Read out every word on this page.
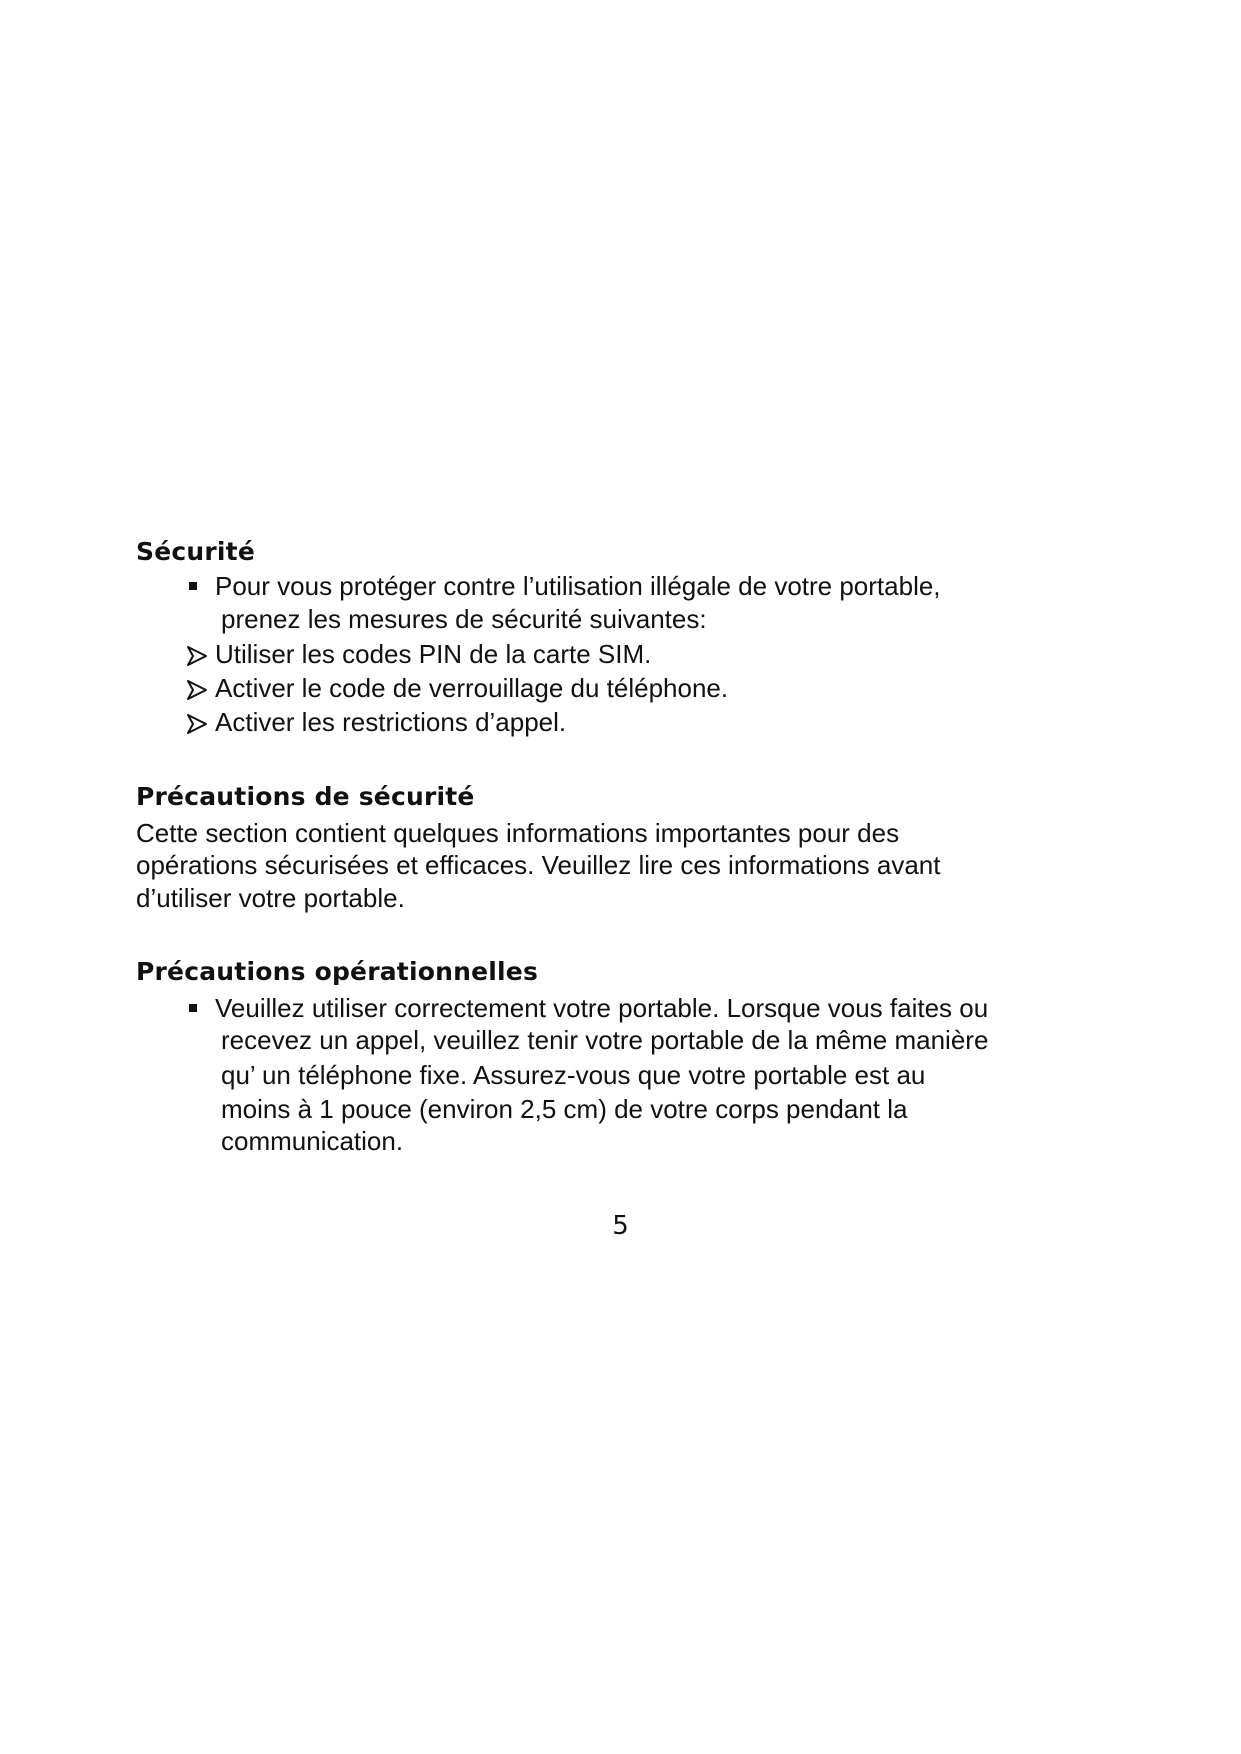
Sécurité
Pour vous protéger contre l’utilisation illégale de votre portable,
prenez les mesures de sécurité suivantes:
Utiliser les codes PIN de la carte SIM.
Activer le code de verrouillage du téléphone.
Activer les restrictions d’appel.
Précautions de sécurité
Cette section contient quelques informations importantes pour des
opérations sécurisées et efficaces. Veuillez lire ces informations avant
d’utiliser votre portable.
Précautions opérationnelles
Veuillez utiliser correctement votre portable. Lorsque vous faites ou
recevez un appel, veuillez tenir votre portable de la même manière
qu’ un téléphone fixe. Assurez-vous que votre portable est au
moins à 1 pouce (environ 2,5 cm) de votre corps pendant la
communication.
5
